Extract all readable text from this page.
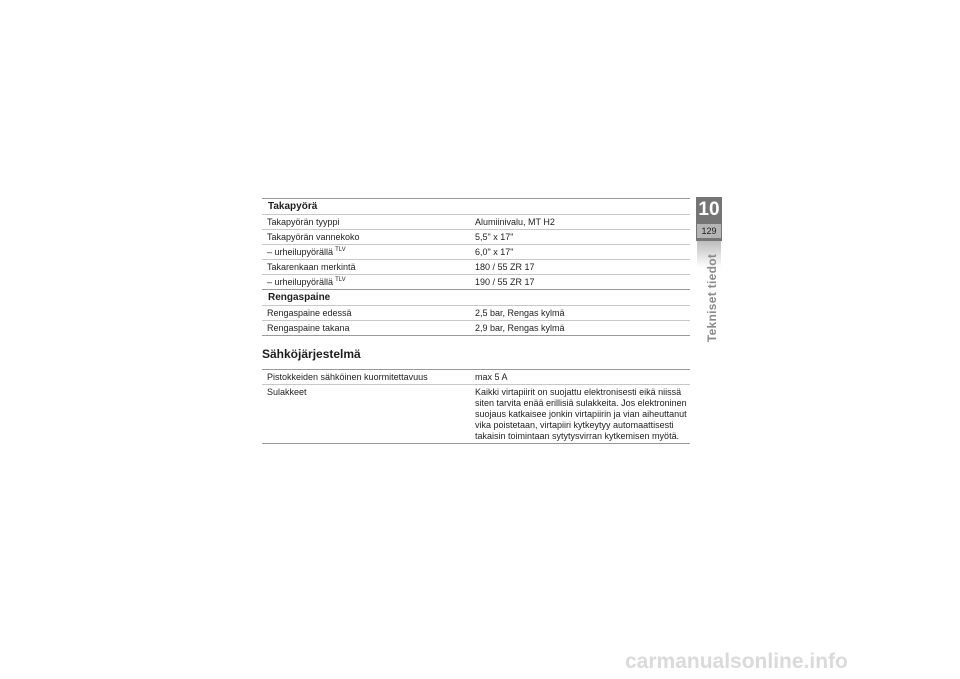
Takapyörä
Takapyörän tyyppi	Alumiinivalu, MT H2
Takapyörän vannekoko	5,5" x 17"
– urheilupyörällä $^{TLV}$	6,0" x 17"
Takarenkaan merkintä	180 / 55 ZR 17
– urheilupyörällä $^{TLV}$	190 / 55 ZR 17
Rengaspaine
Rengaspaine edessä	2,5 bar, Rengas kylmä
Rengaspaine takana	2,9 bar, Rengas kylmä
Sähköjärjestelmä
Pistokkeiden sähköinen kuormitettavuus	max 5 A
Sulakkeet	Kaikki virtapiirit on suojattu elektronisesti eikä niissä siten tarvita enää erillisiä sulakkeita. Jos elektroninen suojaus katkaisee jonkin virtapiirin ja vian aiheuttanut vika poistetaan, virtapiiri kytkeytyy automaattisesti takaisin toimintaan sytytysvirran kytkemisen myötä.
10
129
Tekniset tiedot
carmanualsonline.info
